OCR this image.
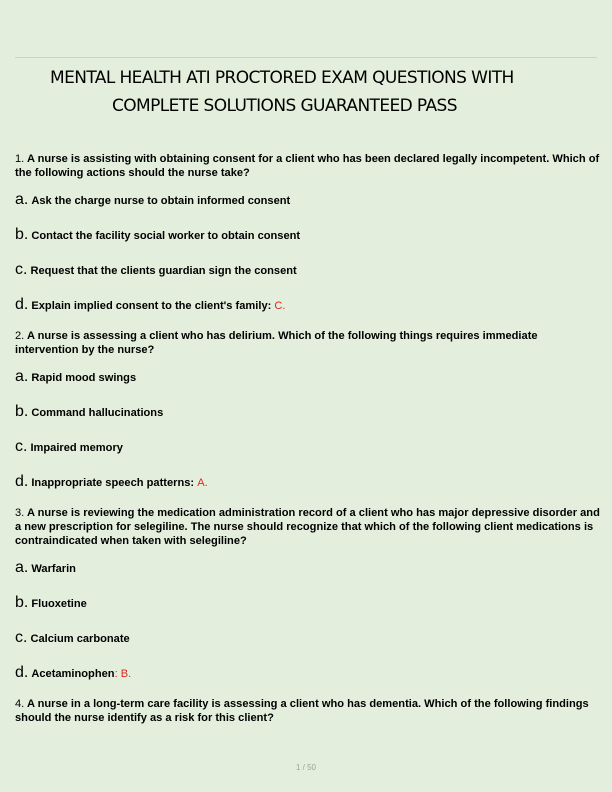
MENTAL HEALTH ATI PROCTORED EXAM QUESTIONS WITH
COMPLETE SOLUTIONS GUARANTEED PASS

1. A nurse is assisting with obtaining consent for a client who has been declared legally incompetent. Which of the following actions should the nurse take?

a. Ask the charge nurse to obtain informed consent

b. Contact the facility social worker to obtain consent

c. Request that the clients guardian sign the consent

d. Explain implied consent to the client's family: C.

2. A nurse is assessing a client who has delirium. Which of the following things requires immediate intervention by the nurse?

a. Rapid mood swings

b. Command hallucinations

c. Impaired memory

d. Inappropriate speech patterns: A.

3. A nurse is reviewing the medication administration record of a client who has major depressive disorder and a new prescription for selegiline. The nurse should recognize that which of the following client medications is contraindicated when taken with selegiline?

a. Warfarin

b. Fluoxetine

c. Calcium carbonate

d. Acetaminophen: B.

4. A nurse in a long-term care facility is assessing a client who has dementia. Which of the following findings should the nurse identify as a risk for this client?

1 / 50
